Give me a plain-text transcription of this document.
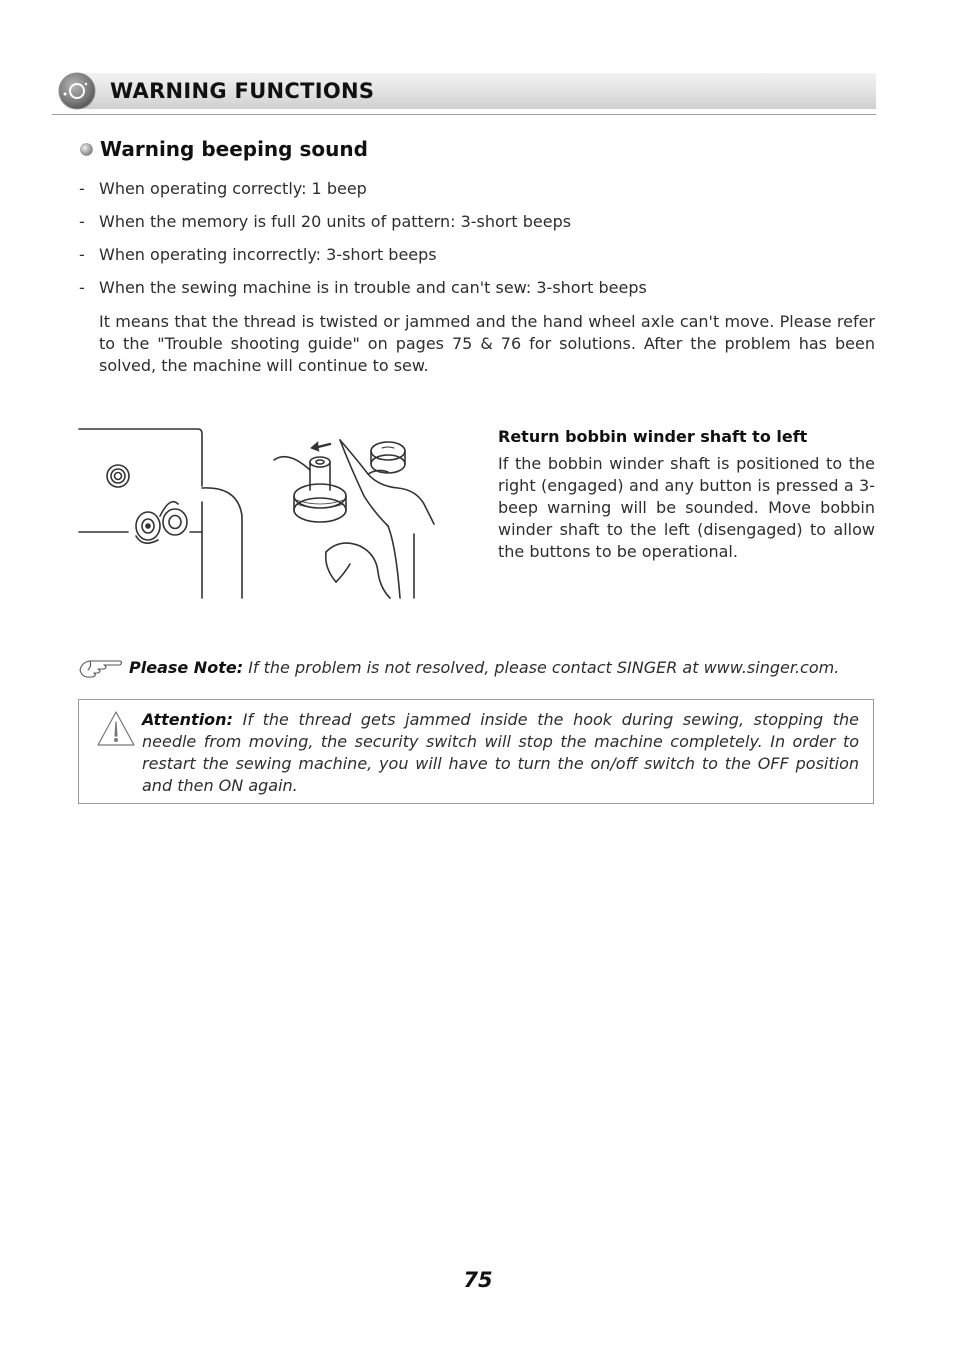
WARNING FUNCTIONS
Warning beeping sound
- When operating correctly: 1 beep
- When the memory is full 20 units of pattern: 3-short beeps
- When operating incorrectly: 3-short beeps
- When the sewing machine is in trouble and can't sew: 3-short beeps
It means that the thread is twisted or jammed and the hand wheel axle can't move. Please refer to the "Trouble shooting guide" on pages 75 & 76 for solutions. After the problem has been solved, the machine will continue to sew.
Return bobbin winder shaft to left
If the bobbin winder shaft is positioned to the right (engaged) and any button is pressed a 3-beep warning will be sounded. Move bobbin winder shaft to the left (disengaged) to allow the buttons to be operational.
Please Note: If the problem is not resolved, please contact SINGER at www.singer.com.
Attention: If the thread gets jammed inside the hook during sewing, stopping the needle from moving, the security switch will stop the machine completely. In order to restart the sewing machine, you will have to turn the on/off switch to the OFF position and then ON again.
75
